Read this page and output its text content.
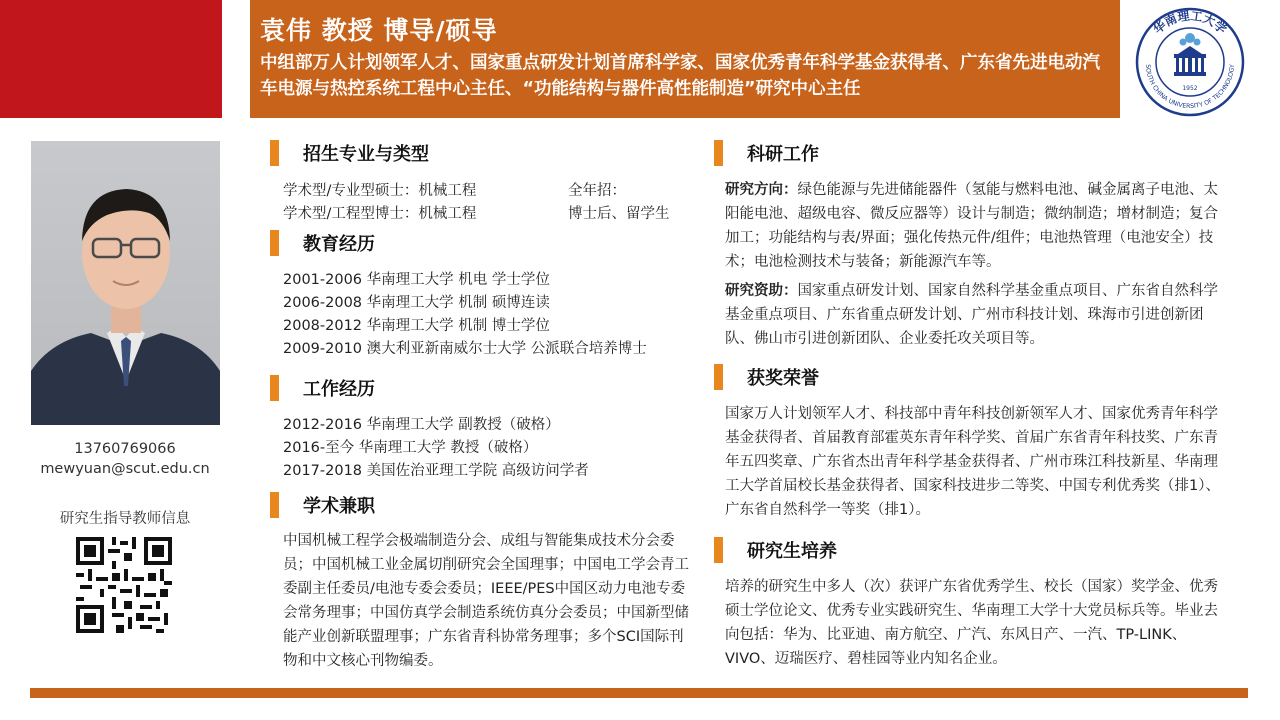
袁伟 教授 博导/硕导
中组部万人计划领军人才、国家重点研发计划首席科学家、国家优秀青年科学基金获得者、广东省先进电动汽车电源与热控系统工程中心主任、“功能结构与器件高性能制造”研究中心主任	1952
华南理工大学
SOUTH CHINA UNIVERSITY OF TECHNOLOGY
13760769066
mewyuan@scut.edu.cn
研究生指导教师信息
招生专业与类型
学术型/专业型硕士：机械工程	全年招：
学术型/工程型博士：机械工程	博士后、留学生
教育经历
2001-2006 华南理工大学 机电 学士学位
2006-2008 华南理工大学 机制 硕博连读
2008-2012 华南理工大学 机制 博士学位
2009-2010 澳大利亚新南威尔士大学 公派联合培养博士
工作经历
2012-2016 华南理工大学 副教授（破格）
2016-至今 华南理工大学 教授（破格）
2017-2018 美国佐治亚理工学院 高级访问学者
学术兼职
中国机械工程学会极端制造分会、成组与智能集成技术分会委员；中国机械工业金属切削研究会全国理事；中国电工学会青工委副主任委员/电池专委会委员；IEEE/PES中国区动力电池专委会常务理事；中国仿真学会制造系统仿真分会委员；中国新型储能产业创新联盟理事；广东省青科协常务理事；多个SCI国际刊物和中文核心刊物编委。
科研工作
研究方向：绿色能源与先进储能器件（氢能与燃料电池、碱金属离子电池、太阳能电池、超级电容、微反应器等）设计与制造；微纳制造；增材制造；复合加工；功能结构与表/界面；强化传热元件/组件；电池热管理（电池安全）技术；电池检测技术与装备；新能源汽车等。
研究资助：国家重点研发计划、国家自然科学基金重点项目、广东省自然科学基金重点项目、广东省重点研发计划、广州市科技计划、珠海市引进创新团队、佛山市引进创新团队、企业委托攻关项目等。
获奖荣誉
国家万人计划领军人才、科技部中青年科技创新领军人才、国家优秀青年科学基金获得者、首届教育部霍英东青年科学奖、首届广东省青年科技奖、广东青年五四奖章、广东省杰出青年科学基金获得者、广州市珠江科技新星、华南理工大学首届校长基金获得者、国家科技进步二等奖、中国专利优秀奖（排1）、广东省自然科学一等奖（排1）。
研究生培养
培养的研究生中多人（次）获评广东省优秀学生、校长（国家）奖学金、优秀硕士学位论文、优秀专业实践研究生、华南理工大学十大党员标兵等。毕业去向包括：华为、比亚迪、南方航空、广汽、东风日产、一汽、TP-LINK、VIVO、迈瑞医疗、碧桂园等业内知名企业。
